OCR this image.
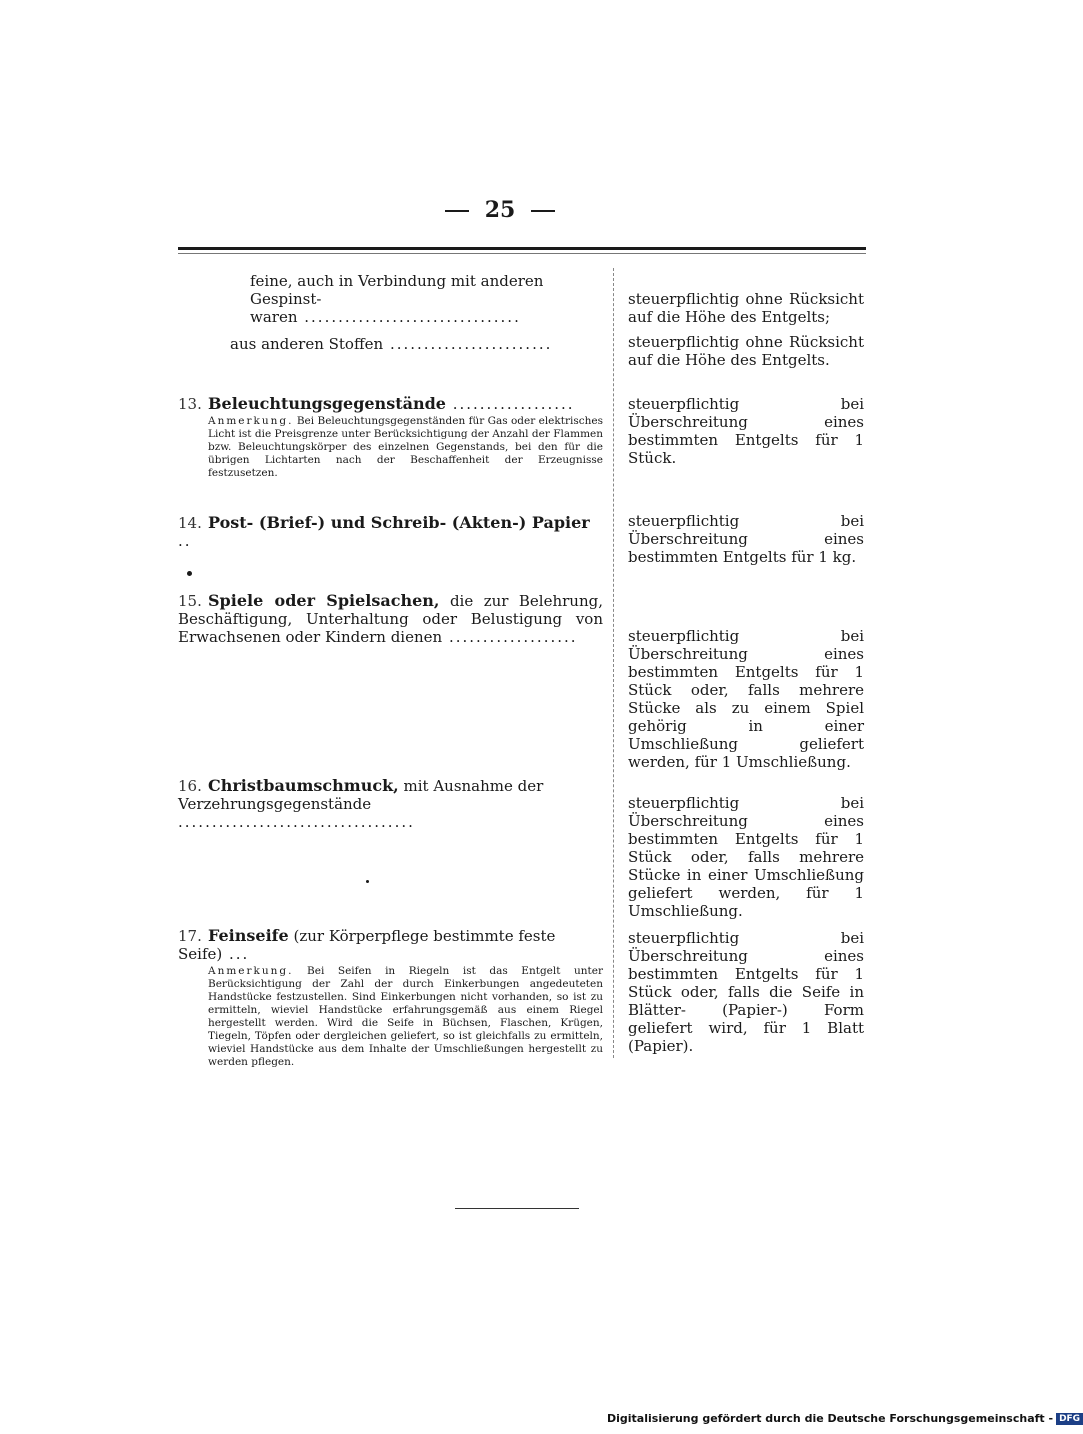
25
feine, auch in Verbindung mit anderen Gespinst-
waren ................................
steuerpflichtig ohne Rücksicht auf die Höhe des Entgelts;
aus anderen Stoffen ........................	steuerpflichtig ohne Rücksicht auf die Höhe des Entgelts.
13. Beleuchtungsgegenstände ..................
Anmerkung. Bei Beleuchtungsgegenständen für Gas oder elektrisches Licht ist die Preisgrenze unter Berücksichtigung der Anzahl der Flammen bzw. Beleuchtungskörper des einzelnen Gegenstands, bei den für die übrigen Lichtarten nach der Beschaffenheit der Erzeugnisse festzusetzen.
steuerpflichtig bei Überschreitung eines bestimmten Entgelts für 1 Stück.
14. Post- (Brief-) und Schreib- (Akten-) Papier ..
steuerpflichtig bei Überschreitung eines bestimmten Entgelts für 1 kg.
15. Spiele oder Spielsachen, die zur Belehrung, Beschäftigung, Unterhaltung oder Belustigung von Erwachsenen oder Kindern dienen ...................	steuerpflichtig bei Überschreitung eines bestimmten Entgelts für 1 Stück oder, falls mehrere Stücke als zu einem Spiel gehörig in einer Umschließung geliefert werden, für 1 Umschließung.
16. Christbaumschmuck, mit Ausnahme der Verzehrungsgegenstände ...................................
steuerpflichtig bei Überschreitung eines bestimmten Entgelts für 1 Stück oder, falls mehrere Stücke in einer Umschließung geliefert werden, für 1 Umschließung.
17. Feinseife (zur Körperpflege bestimmte feste Seife) ...
Anmerkung. Bei Seifen in Riegeln ist das Entgelt unter Berücksichtigung der Zahl der durch Einkerbungen angedeuteten Handstücke festzustellen. Sind Einkerbungen nicht vorhanden, so ist zu ermitteln, wieviel Handstücke erfahrungsgemäß aus einem Riegel hergestellt werden. Wird die Seife in Büchsen, Flaschen, Krügen, Tiegeln, Töpfen oder dergleichen geliefert, so ist gleichfalls zu ermitteln, wieviel Handstücke aus dem Inhalte der Umschließungen hergestellt zu werden pflegen.
steuerpflichtig bei Überschreitung eines bestimmten Entgelts für 1 Stück oder, falls die Seife in Blätter- (Papier-) Form geliefert wird, für 1 Blatt (Papier).
Digitalisierung gefördert durch die Deutsche Forschungsgemeinschaft - DFG
